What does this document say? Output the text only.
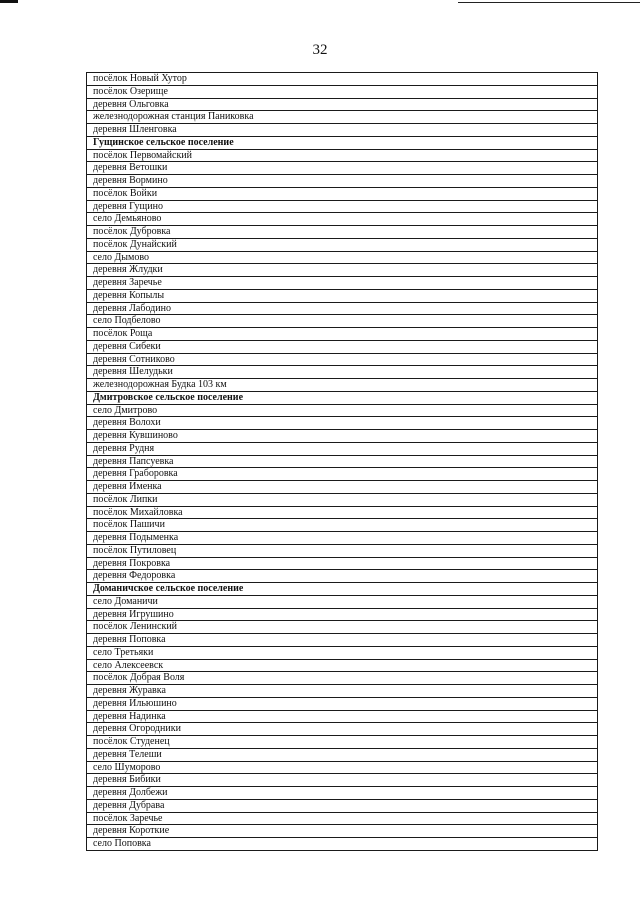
32
посёлок Новый Хутор
посёлок Озерище
деревня Ольговка
железнодорожная станция Паниковка
деревня Шленговка
Гущинское сельское поселение
посёлок Первомайский
деревня Ветошки
деревня Вормино
посёлок Войки
деревня Гущино
село Демьяново
посёлок Дубровка
посёлок Дунайский
село Дымово
деревня Жлудки
деревня Заречье
деревня Копылы
деревня Лабодино
село Подбелово
посёлок Роща
деревня Сибеки
деревня Сотниково
деревня Шелудьки
железнодорожная Будка 103 км
Дмитровское сельское поселение
село Дмитрово
деревня Волохи
деревня Кувшиново
деревня Рудня
деревня Папсуевка
деревня Граборовка
деревня Именка
посёлок Липки
посёлок Михайловка
посёлок Пашичи
деревня Подыменка
посёлок Путиловец
деревня Покровка
деревня Федоровка
Доманичское сельское поселение
село Доманичи
деревня Игрушино
посёлок Ленинский
деревня Поповка
село Третьяки
село Алексеевск
посёлок Добрая Воля
деревня Журавка
деревня Ильюшино
деревня Надинка
деревня Огородники
посёлок Студенец
деревня Телеши
село Шуморово
деревня Бибики
деревня Долбежи
деревня Дубрава
посёлок Заречье
деревня Короткие
село Поповка
